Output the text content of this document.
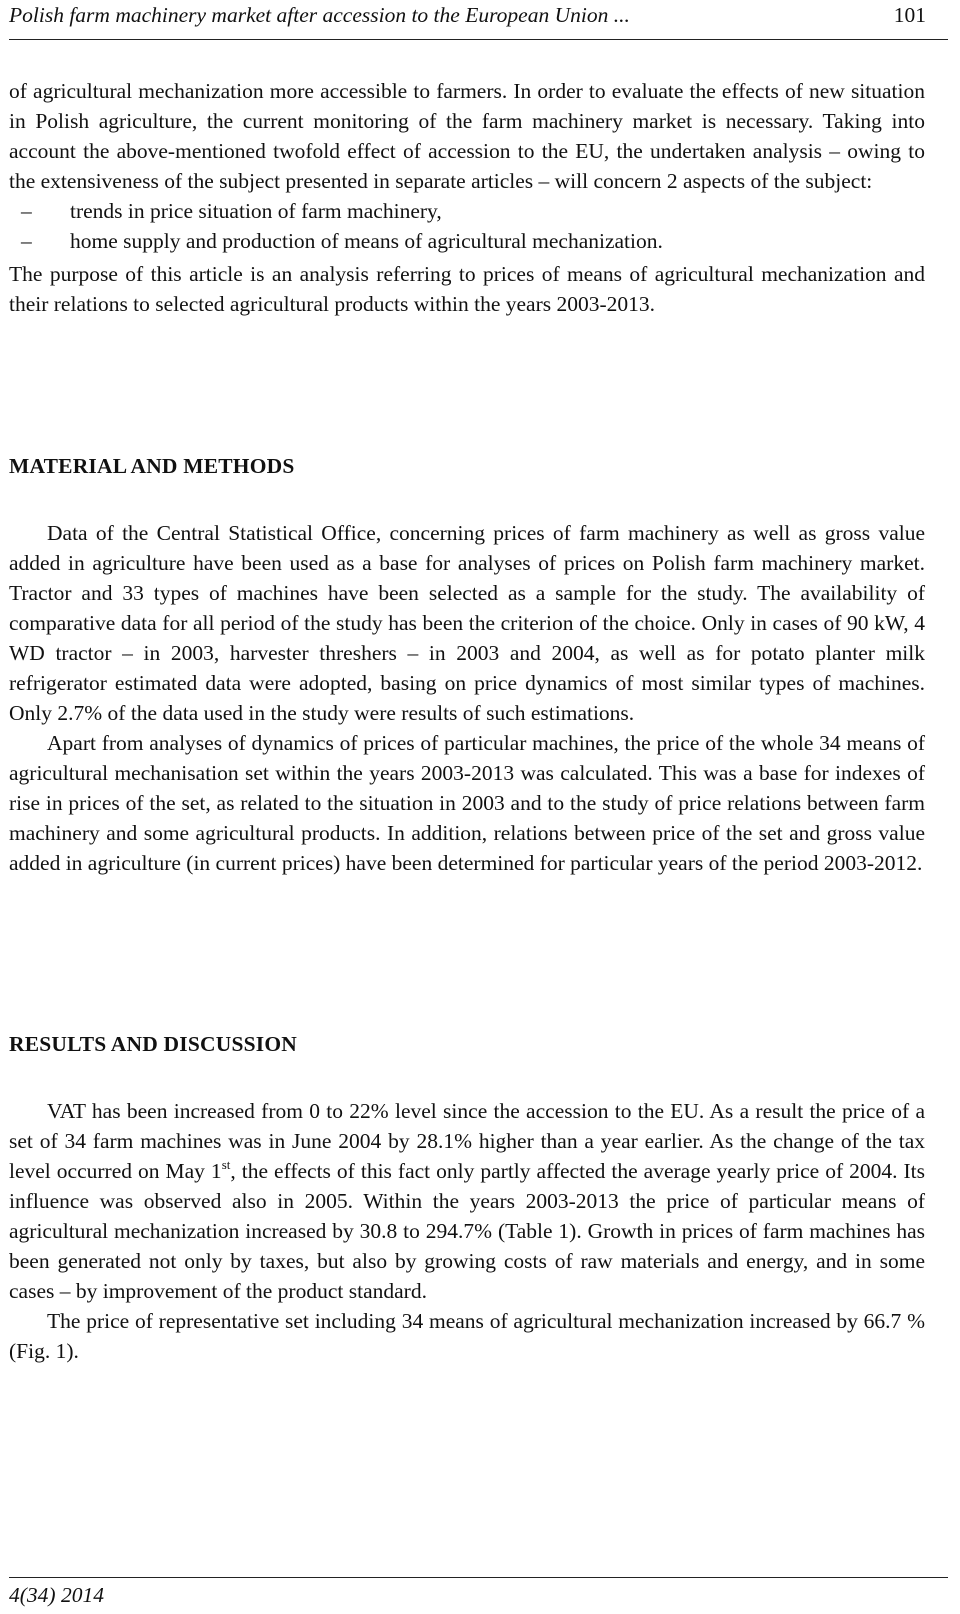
Polish farm machinery market after accession to the European Union ...	101

of agricultural mechanization more accessible to farmers. In order to evaluate the effects of new situation in Polish agriculture, the current monitoring of the farm machinery market is necessary. Taking into account the above-mentioned twofold effect of accession to the EU, the undertaken analysis – owing to the extensiveness of the subject presented in separate articles – will concern 2 aspects of the subject:

– trends in price situation of farm machinery,
– home supply and production of means of agricultural mechanization.

The purpose of this article is an analysis referring to prices of means of agricultural mechanization and their relations to selected agricultural products within the years 2003-2013.

MATERIAL AND METHODS

Data of the Central Statistical Office, concerning prices of farm machinery as well as gross value added in agriculture have been used as a base for analyses of prices on Polish farm machinery market. Tractor and 33 types of machines have been selected as a sample for the study. The availability of comparative data for all period of the study has been the criterion of the choice. Only in cases of 90 kW, 4 WD tractor – in 2003, harvester threshers – in 2003 and 2004, as well as for potato planter milk refrigerator estimated data were adopted, basing on price dynamics of most similar types of machines. Only 2.7% of the data used in the study were results of such estimations.

Apart from analyses of dynamics of prices of particular machines, the price of the whole 34 means of agricultural mechanisation set within the years 2003-2013 was calculated. This was a base for indexes of rise in prices of the set, as related to the situation in 2003 and to the study of price relations between farm machinery and some agricultural products. In addition, relations between price of the set and gross value added in agriculture (in current prices) have been determined for particular years of the period 2003-2012.

RESULTS AND DISCUSSION

VAT has been increased from 0 to 22% level since the accession to the EU. As a result the price of a set of 34 farm machines was in June 2004 by 28.1% higher than a year earlier. As the change of the tax level occurred on May 1st, the effects of this fact only partly affected the average yearly price of 2004. Its influence was observed also in 2005. Within the years 2003-2013 the price of particular means of agricultural mechanization increased by 30.8 to 294.7% (Table 1). Growth in prices of farm machines has been generated not only by taxes, but also by growing costs of raw materials and energy, and in some cases – by improvement of the product standard.

The price of representative set including 34 means of agricultural mechanization increased by 66.7 % (Fig. 1).

4(34) 2014
